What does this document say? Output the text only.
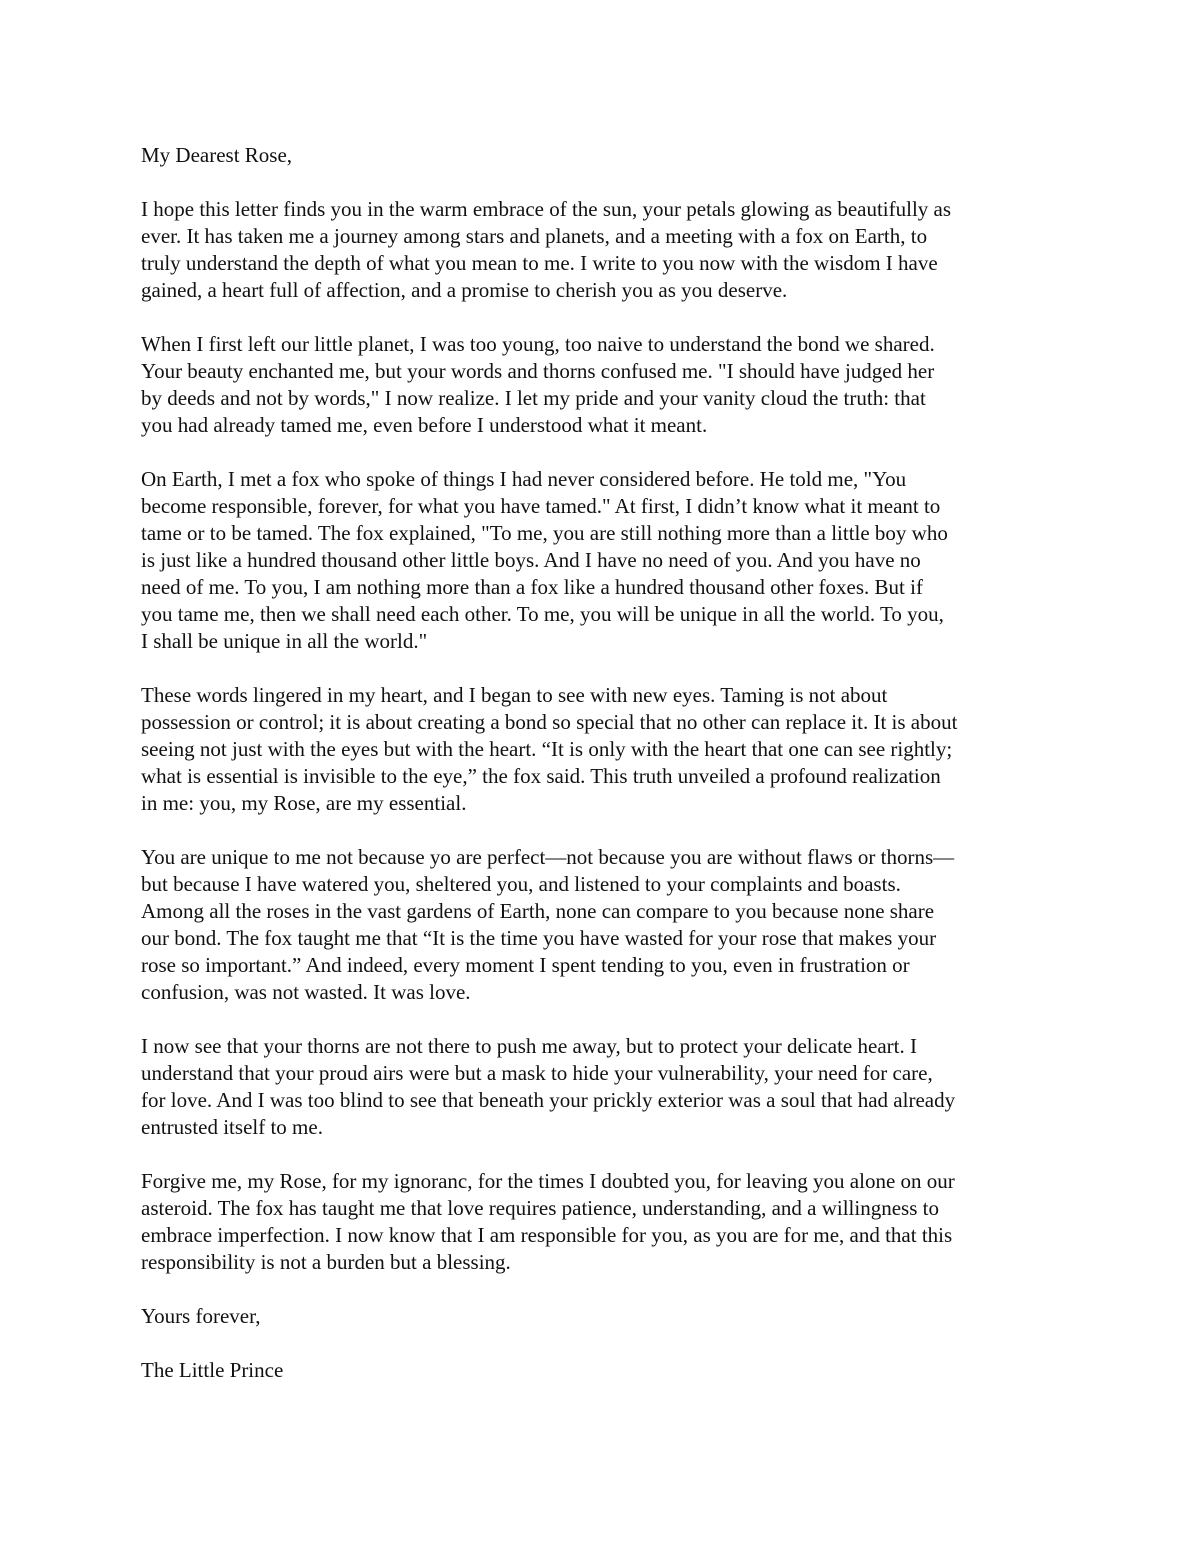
My Dearest Rose,

I hope this letter finds you in the warm embrace of the sun, your petals glowing as beautifully as
ever. It has taken me a journey among stars and planets, and a meeting with a fox on Earth, to
truly understand the depth of what you mean to me. I write to you now with the wisdom I have
gained, a heart full of affection, and a promise to cherish you as you deserve.

When I first left our little planet, I was too young, too naive to understand the bond we shared.
Your beauty enchanted me, but your words and thorns confused me. "I should have judged her
by deeds and not by words," I now realize. I let my pride and your vanity cloud the truth: that
you had already tamed me, even before I understood what it meant.

On Earth, I met a fox who spoke of things I had never considered before. He told me, "You
become responsible, forever, for what you have tamed." At first, I didn’t know what it meant to
tame or to be tamed. The fox explained, "To me, you are still nothing more than a little boy who
is just like a hundred thousand other little boys. And I have no need of you. And you have no
need of me. To you, I am nothing more than a fox like a hundred thousand other foxes. But if
you tame me, then we shall need each other. To me, you will be unique in all the world. To you,
I shall be unique in all the world."

These words lingered in my heart, and I began to see with new eyes. Taming is not about
possession or control; it is about creating a bond so special that no other can replace it. It is about
seeing not just with the eyes but with the heart. “It is only with the heart that one can see rightly;
what is essential is invisible to the eye,” the fox said. This truth unveiled a profound realization
in me: you, my Rose, are my essential.

You are unique to me not because yo are perfect—not because you are without flaws or thorns—
but because I have watered you, sheltered you, and listened to your complaints and boasts.
Among all the roses in the vast gardens of Earth, none can compare to you because none share
our bond. The fox taught me that “It is the time you have wasted for your rose that makes your
rose so important.” And indeed, every moment I spent tending to you, even in frustration or
confusion, was not wasted. It was love.

I now see that your thorns are not there to push me away, but to protect your delicate heart. I
understand that your proud airs were but a mask to hide your vulnerability, your need for care,
for love. And I was too blind to see that beneath your prickly exterior was a soul that had already
entrusted itself to me.

Forgive me, my Rose, for my ignoranc, for the times I doubted you, for leaving you alone on our
asteroid. The fox has taught me that love requires patience, understanding, and a willingness to
embrace imperfection. I now know that I am responsible for you, as you are for me, and that this
responsibility is not a burden but a blessing.

Yours forever,

The Little Prince
